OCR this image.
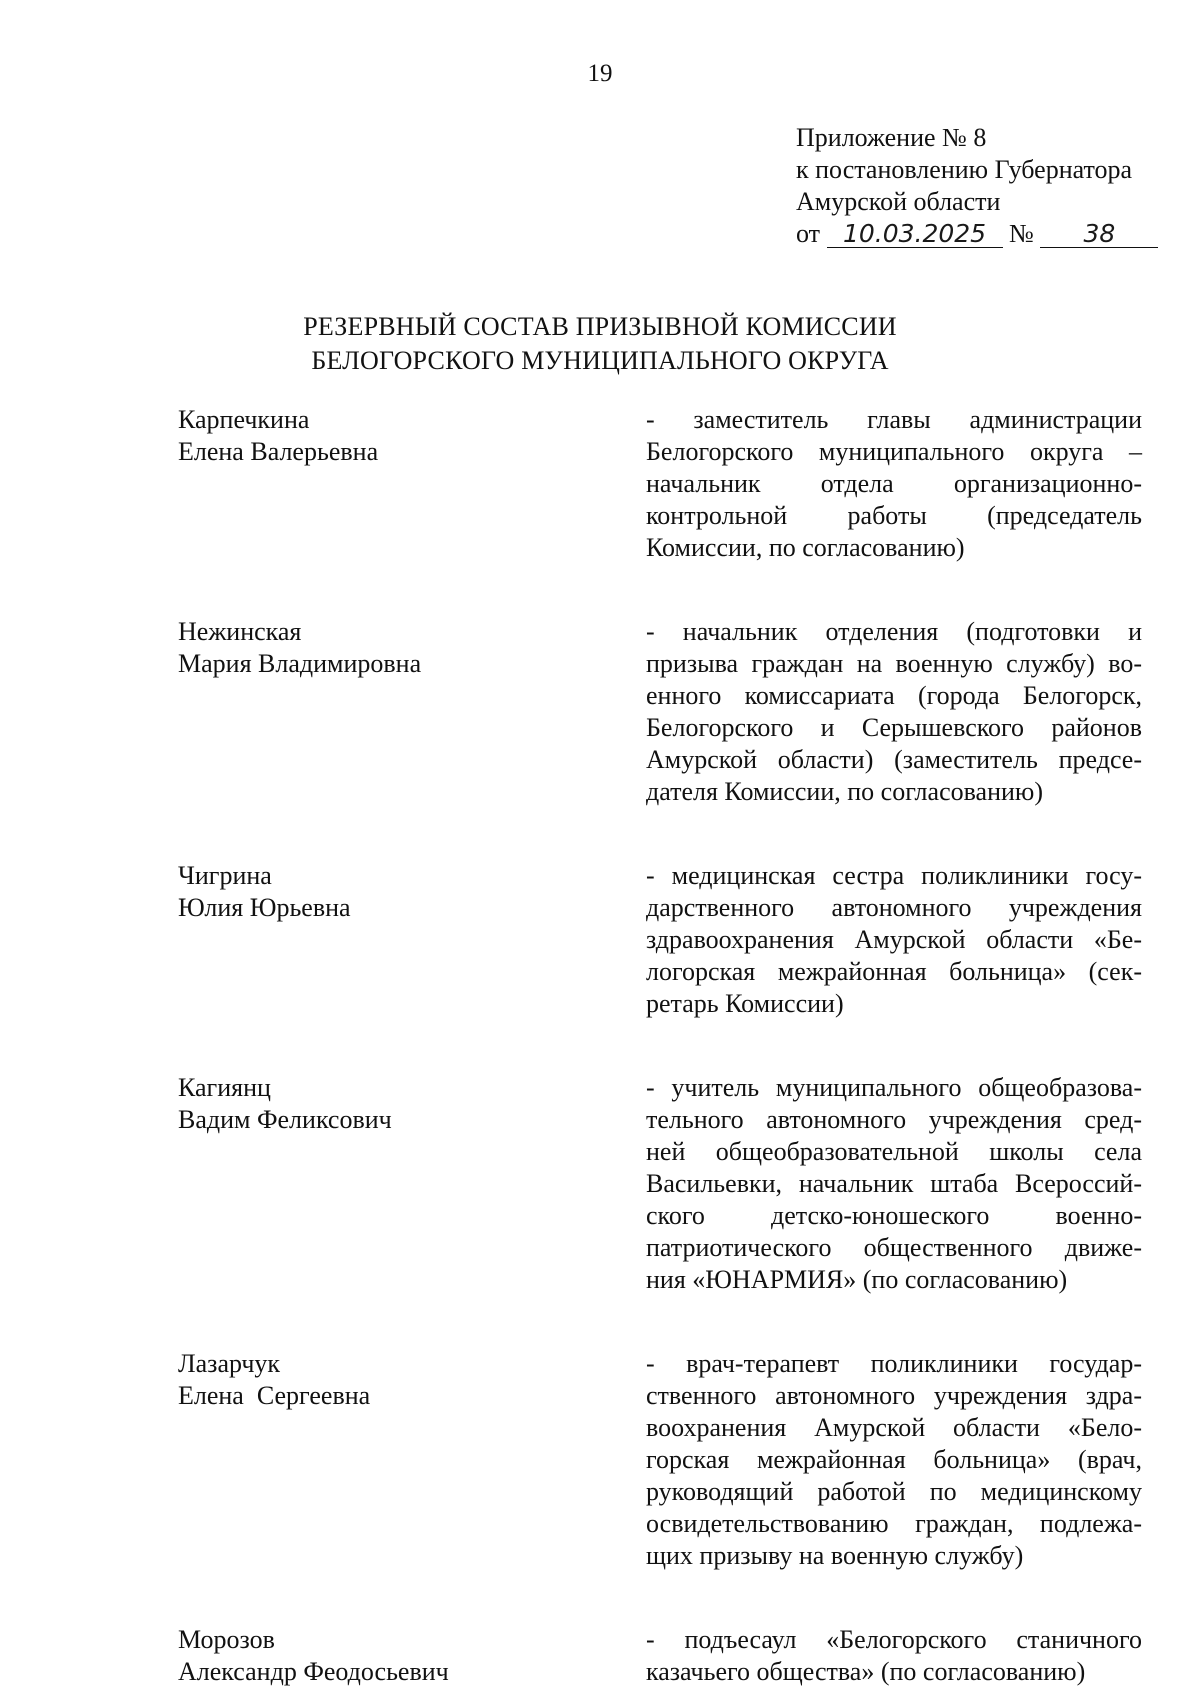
19
Приложение № 8
к постановлению Губернатора
Амурской области
от 10.03.2025 № 38
РЕЗЕРВНЫЙ СОСТАВ ПРИЗЫВНОЙ КОМИССИИ
БЕЛОГОРСКОГО МУНИЦИПАЛЬНОГО ОКРУГА
Карпечкина
Елена Валерьевна
- заместитель главы администрации
Белогорского муниципального округа –
начальник отдела организационно-
контрольной работы (председатель
Комиссии, по согласованию)
Нежинская
Мария Владимировна
- начальник отделения (подготовки и
призыва граждан на военную службу) во-
енного комиссариата (города Белогорск,
Белогорского и Серышевского районов
Амурской области) (заместитель предсе-
дателя Комиссии, по согласованию)
Чигрина
Юлия Юрьевна
- медицинская сестра поликлиники госу-
дарственного автономного учреждения
здравоохранения Амурской области «Бе-
логорская межрайонная больница» (сек-
ретарь Комиссии)
Кагиянц
Вадим Феликсович
- учитель муниципального общеобразова-
тельного автономного учреждения сред-
ней общеобразовательной школы села
Васильевки, начальник штаба Всероссий-
ского детско-юношеского военно-
патриотического общественного движе-
ния «ЮНАРМИЯ» (по согласованию)
Лазарчук
Елена  Сергеевна
- врач-терапевт поликлиники государ-
ственного автономного учреждения здра-
воохранения Амурской области «Бело-
горская межрайонная больница» (врач,
руководящий работой по медицинскому
освидетельствованию граждан, подлежа-
щих призыву на военную службу)
Морозов
Александр Феодосьевич
- подъесаул «Белогорского станичного
казачьего общества» (по согласованию)
